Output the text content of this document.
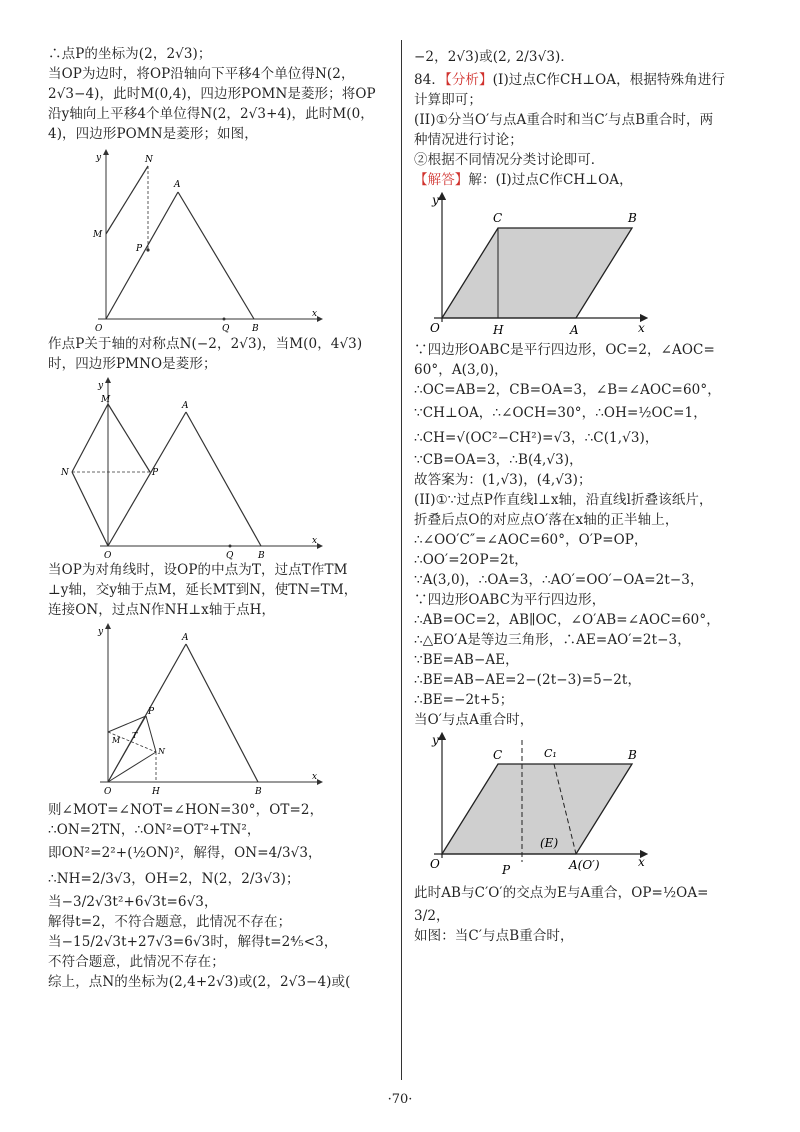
∴点P的坐标为(2，2√3)；
当OP为边时，将OP沿轴向下平移4个单位得N(2，
2√3−4)，此时M(0,4)，四边形POMN是菱形；将OP
沿y轴向上平移4个单位得N(2，2√3+4)，此时M(0，
4)，四边形POMN是菱形；如图，
y
x
N
A
M
P
O	Q	B
作点P关于轴的对称点N(−2，2√3)，当M(0，4√3)
时，四边形PMNO是菱形；
y
x
M
A
N	P
O	Q	B
当OP为对角线时，设OP的中点为T，过点T作TM
⊥y轴，交y轴于点M，延长MT到N，使TN=TM，
连接ON，过点N作NH⊥x轴于点H，
y
x
A
P
T
M
N
O	H	B
则∠MOT=∠NOT=∠HON=30°，OT=2，
∴ON=2TN，∴ON²=OT²+TN²，
即ON²=2²+(½ON)²，解得，ON=4/3√3，
∴NH=2/3√3，OH=2，N(2，2/3√3)；
当−3/2√3t²+6√3t=6√3，
解得t=2，不符合题意，此情况不存在；
当−15/2√3t+27√3=6√3时，解得t=2⁴⁄₅<3，
不符合题意，此情况不存在；
综上，点N的坐标为(2,4+2√3)或(2，2√3−4)或(
−2，2√3)或(2, 2/3√3)．
84．【分析】(I)过点C作CH⊥OA，根据特殊角进行
计算即可；
(II)①分当O′与点A重合时和当C′与点B重合时，两
种情况进行讨论；
②根据不同情况分类讨论即可．
【解答】解：(I)过点C作CH⊥OA，
y
x
C	B
O	H	A
∵四边形OABC是平行四边形，OC=2，∠AOC=
60°，A(3,0)，
∴OC=AB=2，CB=OA=3，∠B=∠AOC=60°，
∵CH⊥OA，∴∠OCH=30°，∴OH=½OC=1，
∴CH=√(OC²−CH²)=√3，∴C(1,√3)，
∵CB=OA=3，∴B(4,√3)，
故答案为：(1,√3)，(4,√3)；
(II)①∵过点P作直线l⊥x轴，沿直线l折叠该纸片，
折叠后点O的对应点O′落在x轴的正半轴上，
∴∠OO′C″=∠AOC=60°，O′P=OP，
∴OO′=2OP=2t，
∵A(3,0)，∴OA=3，∴AO′=OO′−OA=2t−3，
∵四边形OABC为平行四边形，
∴AB=OC=2，AB∥OC，∠O′AB=∠AOC=60°，
∴△EO′A是等边三角形，∴AE=AO′=2t−3，
∵BE=AB−AE，
∴BE=AB−AE=2−(2t−3)=5−2t，
∴BE=−2t+5；
当O′与点A重合时，
y
x
C	C₁	B
O	P
(E)
A(O′)
此时AB与C′O′的交点为E与A重合，OP=½OA=
3/2，
如图：当C′与点B重合时，
·70·
